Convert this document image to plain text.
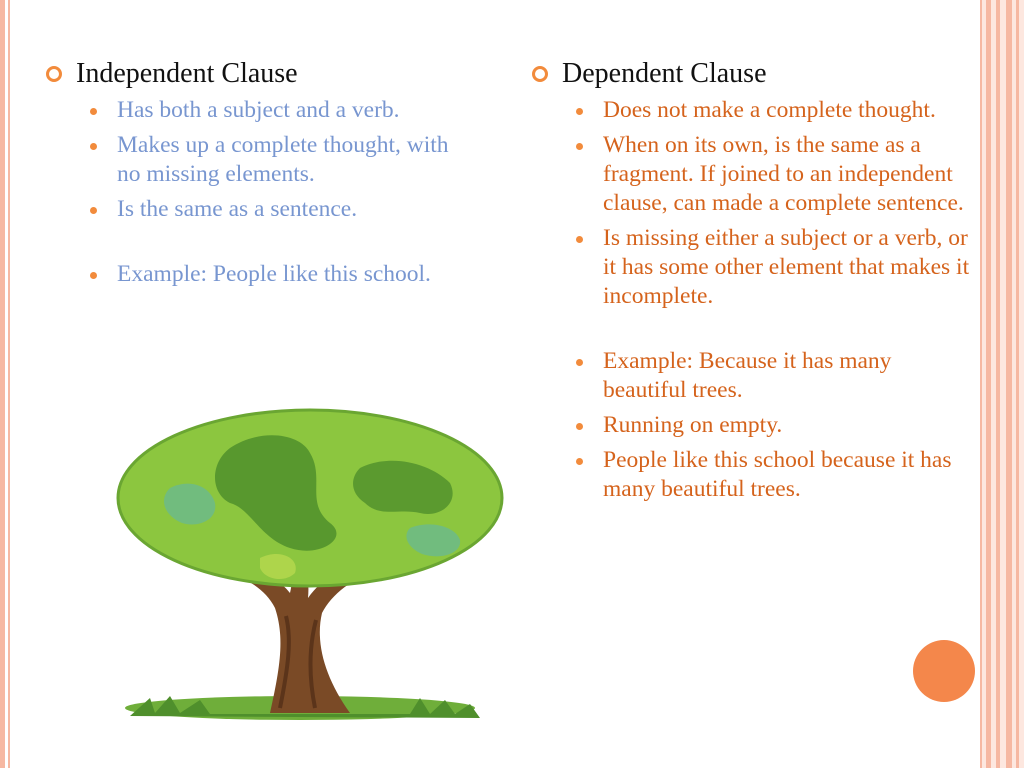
Independent Clause
Has both a subject and a verb.
Makes up a complete thought, with no missing elements.
Is the same as a sentence.
Example: People like this school.
Dependent Clause
Does not make a complete thought.
When on its own, is the same as a fragment. If joined to an independent clause, can made a complete sentence.
Is missing either a subject or a verb, or it has some other element that makes it incomplete.
Example: Because it has many beautiful trees.
Running on empty.
People like this school because it has many beautiful trees.
